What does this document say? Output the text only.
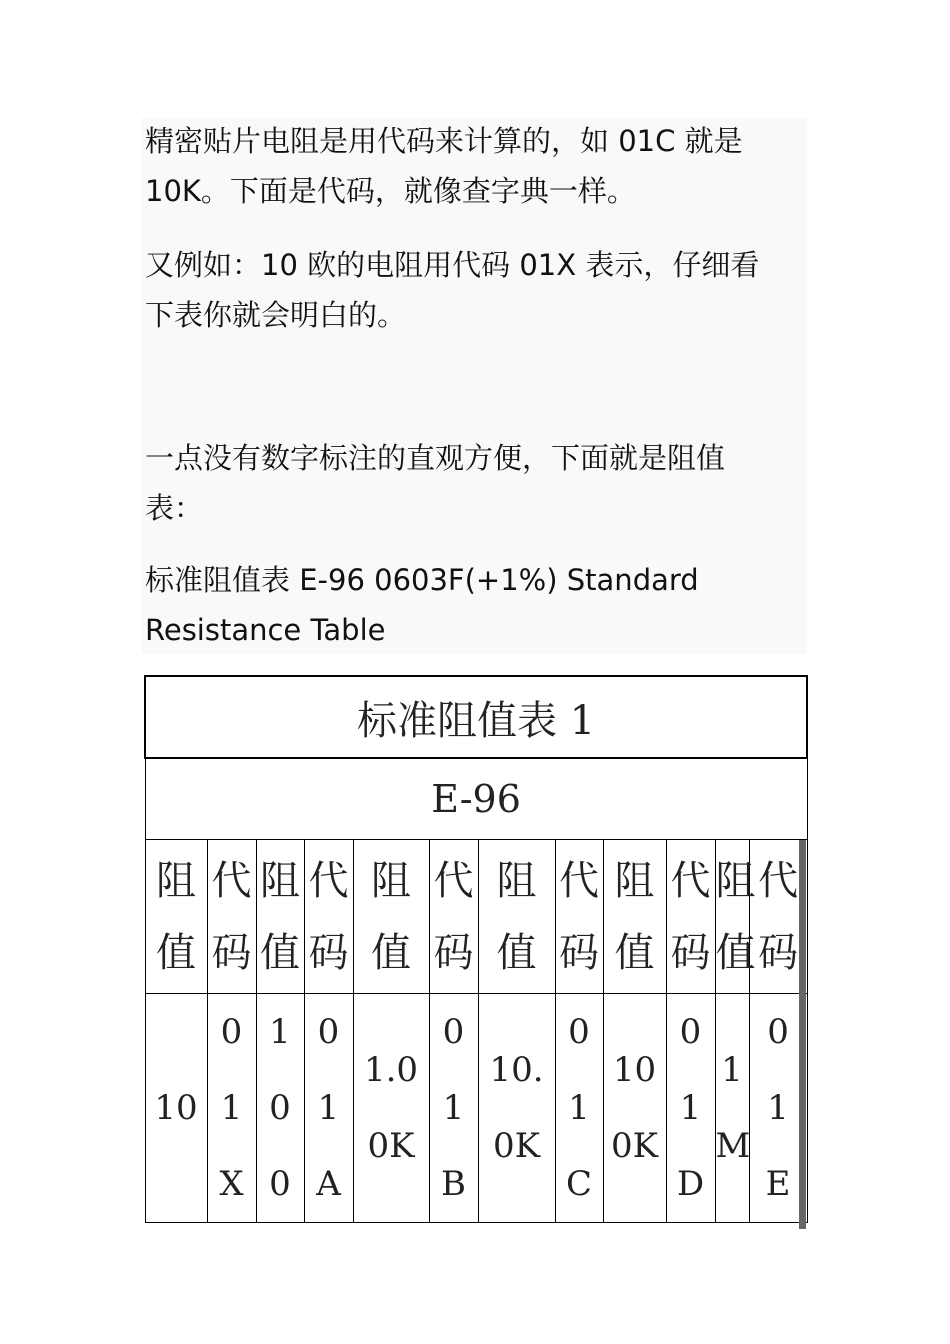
精密贴片电阻是用代码来计算的，如 01C 就是
10K。下面是代码，就像查字典一样。
又例如：10 欧的电阻用代码 01X 表示，仔细看
下表你就会明白的。
一点没有数字标注的直观方便，下面就是阻值
表：
标准阻值表 E-96 0603F(+1%) Standard
Resistance Table
标准阻值表 1											
E-96											

阻
值	代
码	阻
值	代
码	阻
值	代
码	阻
值	代
码	阻
值	代
码	阻
值	代
码

10	0
1
X	1
0
0	0
1
A	1.0
0K	0
1
B	10.
0K	0
1
C	10
0K	0
1
D	1
M	0
1
E
